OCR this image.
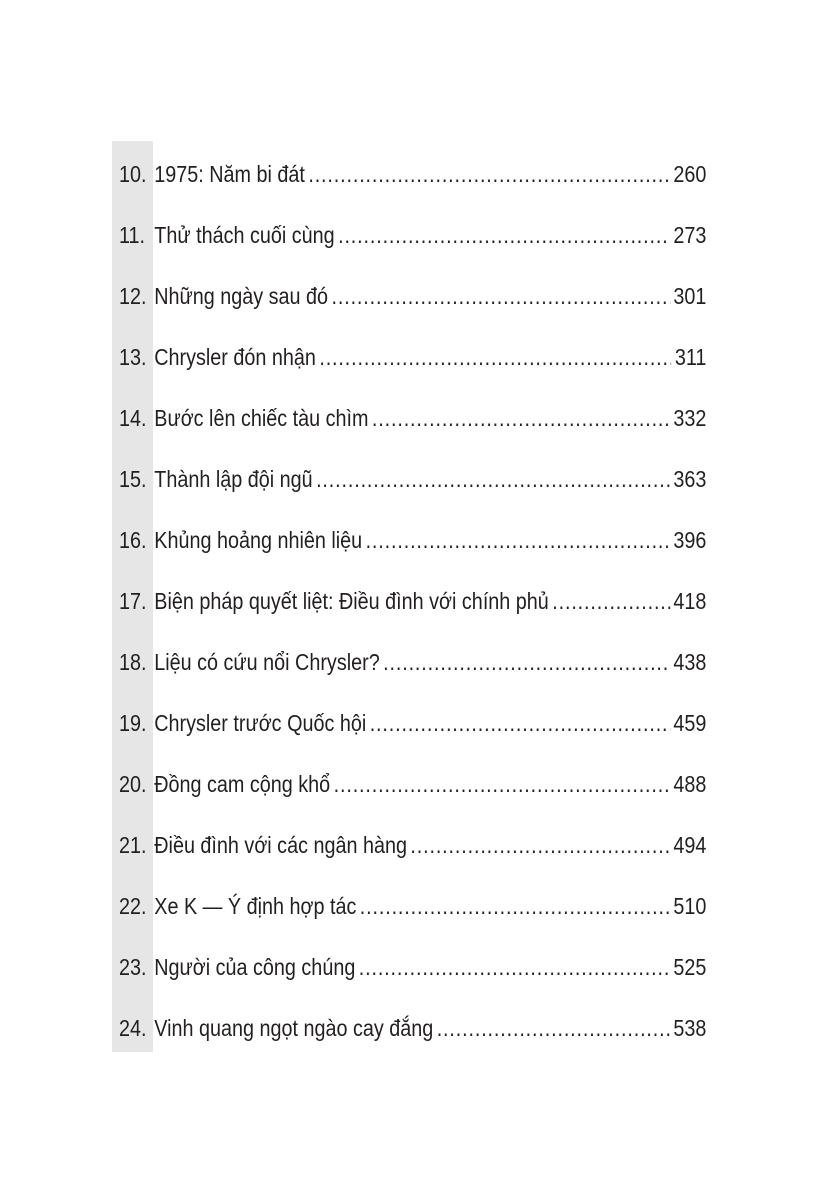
10. 1975: Năm bi đát .....	260
11. Thử thách cuối cùng .....	273
12. Những ngày sau đó .....	301
13. Chrysler đón nhận .....	311
14. Bước lên chiếc tàu chìm .....	332
15. Thành lập đội ngũ .....	363
16. Khủng hoảng nhiên liệu .....	396
17. Biện pháp quyết liệt: Điều đình với chính phủ .....	418
18. Liệu có cứu nổi Chrysler? .....	438
19. Chrysler trước Quốc hội .....	459
20. Đồng cam cộng khổ .....	488
21. Điều đình với các ngân hàng .....	494
22. Xe K — Ý định hợp tác .....	510
23. Người của công chúng .....	525
24. Vinh quang ngọt ngào cay đắng .....	538
